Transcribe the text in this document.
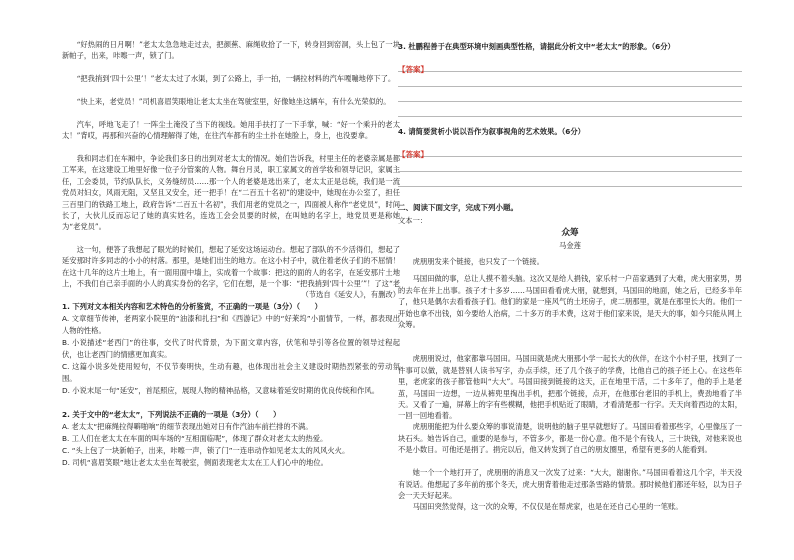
“好热闹的日月啊！”老太太急急地走过去，把颜蕉、麻绳收拾了一下，转身回到窑洞，头上包了一块新帕子，出来，咔嚓一声，锁了门。

“把我捎到‘四十公里’！”老太太过了水渠，到了公路上，手一拍，一辆拉材料的汽车嘎嘣地停下了。

“快上来，老党员！”司机喜眉笑眼地让老太太坐在驾驶室里，好像她坐这辆车，有什么光荣似的。

汽车，呼地飞走了！一阵尘土淹没了当下的视线。她用手扶打了一下手掌，喊：“好一个乘升的老太太！”背哎，再那和兴奋的心情理解得了她，在往汽车都有的尘土扑在她脸上，身上，也没要拿。

我和同志们在车厢中，争论我们多日的出到对老太太的情况。她们告诉我，村里主任的老婆亲属是都工军来，在这建设工地里好像一位子分管案的人物。舞台月灵，职工家属文的首学妆和领导记识，家属主任，工会委员，节约队队长，义务缝纫员……那一个人的老婆是选出来了，老太太正是总统，我们是一流党员对妇女，风雨无阻，又坚且又安全，还一把手！在“二百五十名初”的建设中，她现在办公室了，担任三百里门的铁路工地上，政府告诉“二百五十名初”，我们用老的党员之一，四面被人称作“老党员”，时间长了，大伙儿反而忘记了她的真实姓名，连选工会会员要的时候，在叫她的名字上，地党员更是称她为“老党员”。

这一句，便答了我想起了眼光的时候们，想起了延安这场运动台。想起了部队的不少活得们，想起了延安那时许多同志的小小的村落。那里，是她们出生的地方。在这小村子中，就住着老伙子们的不屈情！在这十几年的这片土地上，有一面用面中墙上，实成着一个故事：把这的面的人的名字，在延安那片土地上，不我们自己亲手面的小人的真实身份的名字，它们在想，是一个事：“把我捎到‘四十公里’”！了这“老

（节选自《延安人》，有删改）

1. 下列对文本相关内容和艺术特色的分析鉴赏，不正确的一项是（3分）（　　）

A. 文章细节传神，老两家小院里的“油漆和扎扫”和《西游记》中的“好莱坞”小面情节，一样，都表现出人物的性格。

B. 小说描述“老西门”的往事，交代了时代背景，为下面文章内容，伏笔和导引等各位置的领导过程起伏，也让老西门的情感更加真实。

C. 这篇小说多处使用短句，不仅节奏明快，生动有趣，也体现出社会主义建设时期热烈紧张的劳动氛围。

D. 小说末尾一句“延安”，首尾照应，展现人物的精神品格，又意味着延安时期的优良传统和作风。

2. 关于文中的“老太太”，下列说法不正确的一项是（3分）（　　）

A. 老太太“把麻绳拉得噼啪响”的细节表现出她对日有作汽油车前拦排的不满。

B. 工人们在老太太在车面的叫车场的“互相面临呢”，体现了群众对老太太的热爱。

C. “头上包了一块新帕子，出来，咔嚓一声，锁了门”一连串动作如见老太太的风风火火。

D. 司机“喜眉笑眼”地让老太太坐在驾驶室，侧面表现老太太在工人们心中的地位。

3. 杜鹏程善于在典型环境中刻画典型性格，请据此分析文中“老太太”的形象。（6分）

【答案】

4. 请简要赏析小说以吾作为叙事视角的艺术效果。（6分）

【答案】

二、阅读下面文字，完成下列小题。

文本一：

众筹

马金莲

虎朋朋发来个链接，也只发了一个链接。

马国田做的事，总让人摸不着头脑。这次又是给人捐钱，家乐村一户苗家遇到了大难，虎大朋家男，男的去年在井上出事。孩子才十多岁……马国田看看虎大朋，就想到，马国田的地面，她之后，已经多半年了，他只是偶尔去看看孩子们。他们的家是一座风气的土坯房子，虎二朋那里，就是在那里长大的。他们一开始也拿不出钱，如今要给人治病，二十多万的手术费，这对于他们家来说，是天大的事，如今只能从网上众筹。

虎朋朋说过，他家都靠马国田。马国田就是虎大朋那小学一起长大的伙伴，在这个小村子里，找到了一件事可以做，就是替别人读书写字，办点手续，还了几个孩子的学费，比他自己的孩子还上心。在这些年里，老虎家的孩子都管他叫“大大”。马国田接到链接的这天，正在地里干活，二十多年了，他的手上是老茧，马国田一边想，一边从裤兜里掏出手机，把那个链接，点开，在他那台老旧的手机上，费劲地看了半天。又看了一遍，屏幕上的字有些模糊，他把手机贴近了眼睛，才看清楚那一行字。天天向着西边的太阳，一回一回地看着。

虎朋朋能把为什么要众筹的事说清楚，说明他的脑子里早就想好了。马国田看着那些字，心里像压了一块石头。她告诉自己，重要的是参与，不管多少，都是一份心意。他不是个有钱人，三十块钱，对他来说也不是小数目。可他还是捐了。捐完以后，他又转发到了自己的朋友圈里，希望有更多的人能看到。

她一个一个地打开了，虎朋朋的消息又一次发了过来：“大大，谢谢你。”马国田看着这几个字，半天没有说话。他想起了多年前的那个冬天，虎大朋背着他走过那条雪路的情景。那时候他们都还年轻，以为日子会一天天好起来。

马国田突然觉得，这一次的众筹，不仅仅是在帮虎家，也是在还自己心里的一笔账。
